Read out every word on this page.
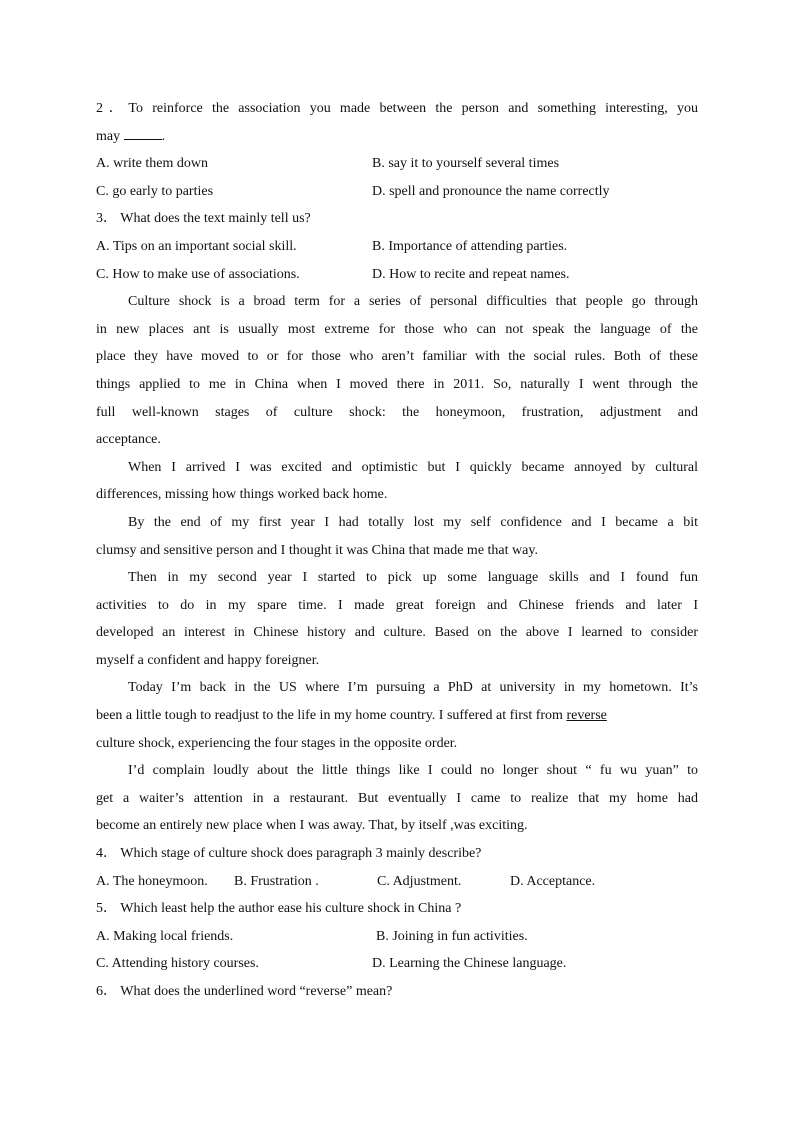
2．To reinforce the association you made between the person and something interesting, you
may	.
A. write them down	B. say it to yourself several times
C. go early to parties	D. spell and pronounce the name correctly
3． What does the text mainly tell us?
A. Tips on an important social skill.	B. Importance of attending parties.
C. How to make use of associations.	D. How to recite and repeat names.
Culture shock is a broad term for a series of personal difficulties that people go through
in new places ant is usually most extreme for those who can not speak the language of the
place they have moved to or for those who aren’t familiar with the social rules. Both of these
things applied to me in China when I moved there in 2011. So, naturally I went through the
full well-known stages of culture shock: the honeymoon, frustration, adjustment and
acceptance.
When I arrived I was excited and optimistic but I quickly became annoyed by cultural
differences, missing how things worked back home.
By the end of my first year I had totally lost my self confidence and I became a bit
clumsy and sensitive person and I thought it was China that made me that way.
Then in my second year I started to pick up some language skills and I found fun
activities to do in my spare time. I made great foreign and Chinese friends and later I
developed an interest in Chinese history and culture. Based on the above I learned to consider
myself a confident and happy foreigner.
Today I’m back in the US where I’m pursuing a PhD at university in my hometown. It’s
been a little tough to readjust to the life in my home country. I suffered at first from reverse
culture shock, experiencing the four stages in the opposite order.
I’d complain loudly about the little things like I could no longer shout “ fu wu yuan” to
get a waiter’s attention in a restaurant. But eventually I came to realize that my home had
become an entirely new place when I was away. That, by itself ,was exciting.
4． Which stage of culture shock does paragraph 3 mainly describe?
A. The honeymoon.	B. Frustration .	C. Adjustment.	D. Acceptance.
5． Which least help the author ease his culture shock in China ?
A. Making local friends.	B. Joining in fun activities.
C. Attending history courses.	D. Learning the Chinese language.
6． What does the underlined word “reverse” mean?
